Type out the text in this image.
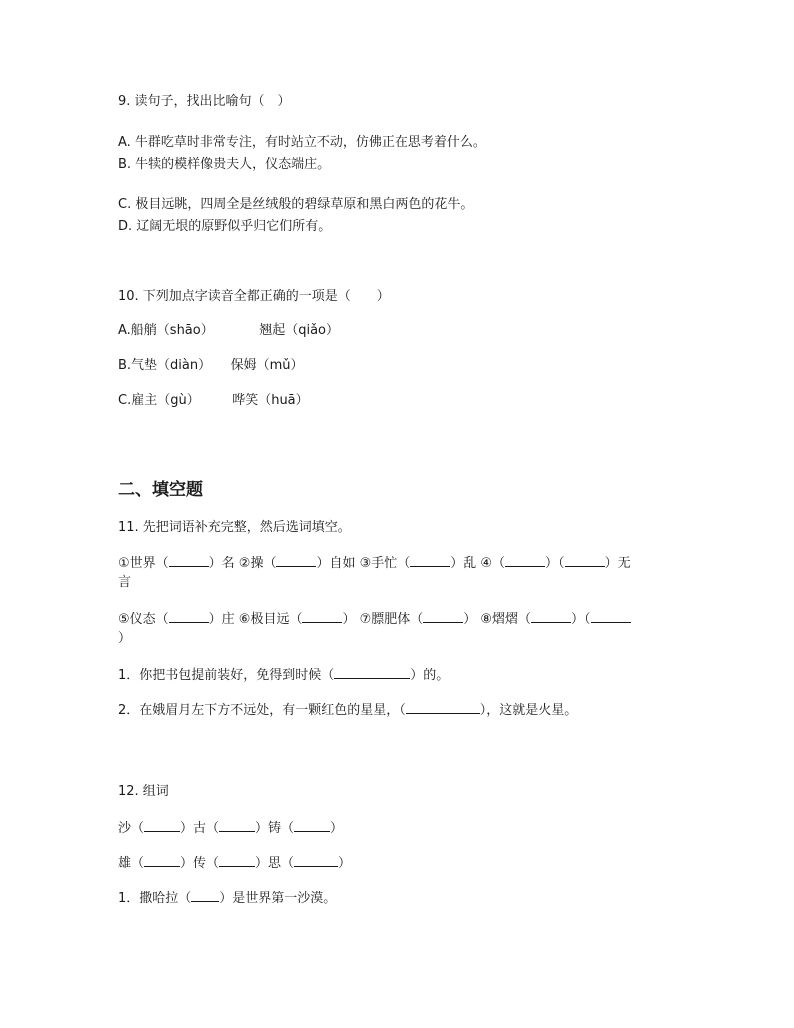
9. 读句子，找出比喻句（　）
A. 牛群吃草时非常专注，有时站立不动，仿佛正在思考着什么。
B. 牛犊的模样像贵夫人，仪态端庄。
C. 极目远眺，四周全是丝绒般的碧绿草原和黑白两色的花牛。
D. 辽阔无垠的原野似乎归它们所有。
10. 下列加点字读音全都正确的一项是（　　）
A.船艄（shāo）　　　　翘起（qiǎo）
B.气垫（diàn）　　保姆（mǔ）
C.雇主（gù）　　　哗笑（huā）
二、填空题
11. 先把词语补充完整，然后选词填空。
①世界（	）名 ②操（	）自如 ③手忙（	）乱 ④（	）（	）无
言
⑤仪态（	）庄 ⑥极目远（	） ⑦膘肥体（	） ⑧熠熠（	）（
）
1．你把书包提前装好，免得到时候（	）的。
2．在娥眉月左下方不远处，有一颗红色的星星，（	），这就是火星。
12. 组词
沙（	）古（	）铸（	）
雄（	）传（	）思（	）
1．撒哈拉（ ）是世界第一沙漠。
